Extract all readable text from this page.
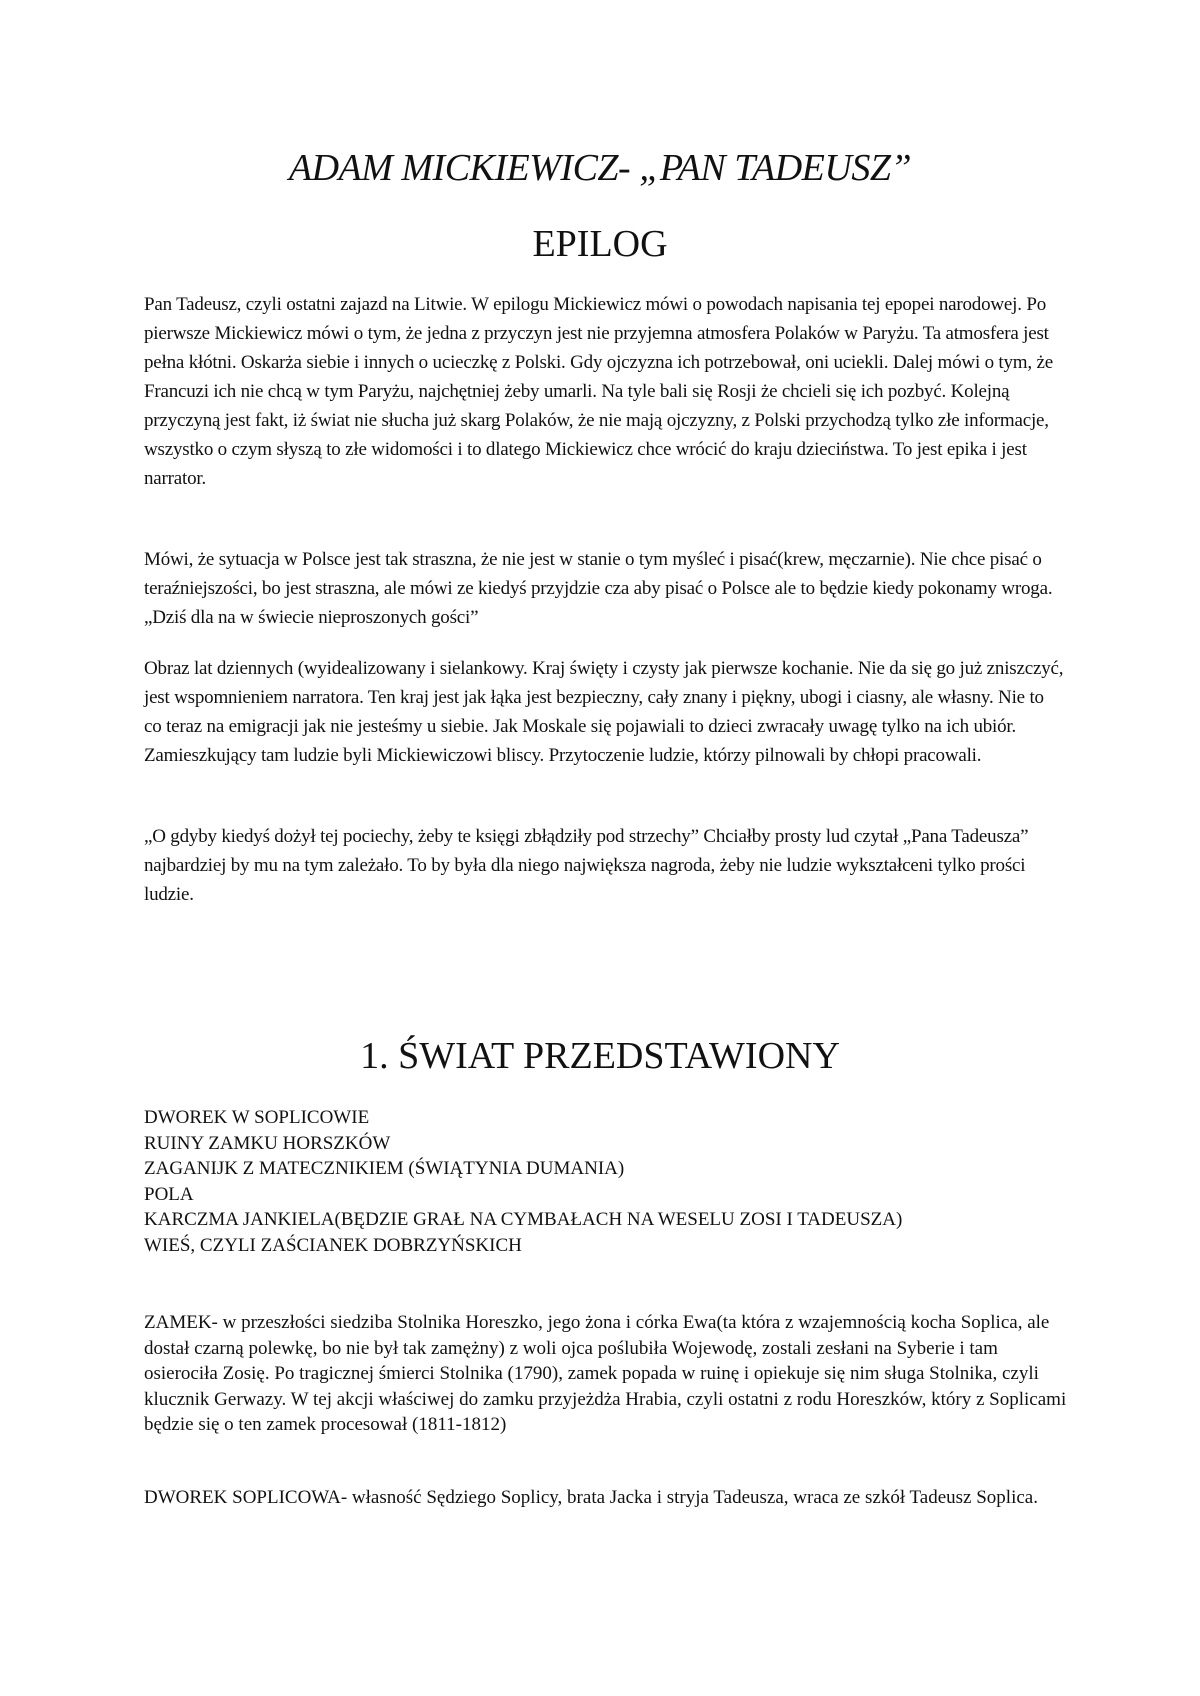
ADAM MICKIEWICZ- „PAN TADEUSZ”
EPILOG

Pan Tadeusz, czyli ostatni zajazd na Litwie. W epilogu Mickiewicz mówi o powodach napisania tej epopei narodowej. Po pierwsze Mickiewicz mówi o tym, że jedna z przyczyn jest nie przyjemna atmosfera Polaków w Paryżu. Ta atmosfera jest pełna kłótni. Oskarża siebie i innych o ucieczkę z Polski. Gdy ojczyzna ich potrzebował, oni uciekli. Dalej mówi o tym, że Francuzi ich nie chcą w tym Paryżu, najchętniej żeby umarli. Na tyle bali się Rosji że chcieli się ich pozbyć. Kolejną przyczyną jest fakt, iż świat nie słucha już skarg Polaków, że nie mają ojczyzny, z Polski przychodzą tylko złe informacje, wszystko o czym słyszą to złe widomości i to dlatego Mickiewicz chce wrócić do kraju dzieciństwa. To jest epika i jest narrator.

Mówi, że sytuacja w Polsce jest tak straszna, że nie jest w stanie o tym myśleć i pisać(krew, męczarnie). Nie chce pisać o teraźniejszości, bo jest straszna, ale mówi ze kiedyś przyjdzie cza aby pisać o Polsce ale to będzie kiedy pokonamy wroga. „Dziś dla na w świecie nieproszonych gości”

Obraz lat dziennych (wyidealizowany i sielankowy. Kraj święty i czysty jak pierwsze kochanie. Nie da się go już zniszczyć, jest wspomnieniem narratora. Ten kraj jest jak łąka jest bezpieczny, cały znany i piękny, ubogi i ciasny, ale własny. Nie to co teraz na emigracji jak nie jesteśmy u siebie. Jak Moskale się pojawiali to dzieci zwracały uwagę tylko na ich ubiór. Zamieszkujący tam ludzie byli Mickiewiczowi bliscy. Przytoczenie ludzie, którzy pilnowali by chłopi pracowali.

„O gdyby kiedyś dożył tej pociechy, żeby te księgi zbłądziły pod strzechy” Chciałby prosty lud czytał „Pana Tadeusza” najbardziej by mu na tym zależało. To by była dla niego największa nagroda, żeby nie ludzie wykształceni tylko prości ludzie.

1. ŚWIAT PRZEDSTAWIONY
DWOREK W SOPLICOWIE
RUINY ZAMKU HORSZKÓW
ZAGANIJK Z MATECZNIKIEM (ŚWIĄTYNIA DUMANIA)
POLA
KARCZMA JANKIELA(BĘDZIE GRAŁ NA CYMBAŁACH NA WESELU ZOSI I TADEUSZA)
WIEŚ, CZYLI ZAŚCIANEK DOBRZYŃSKICH

ZAMEK- w przeszłości siedziba Stolnika Horeszko, jego żona i córka Ewa(ta która z wzajemnością kocha Soplica, ale dostał czarną polewkę, bo nie był tak zamężny) z woli ojca poślubiła Wojewodę, zostali zesłani na Syberie i tam osierociła Zosię. Po tragicznej śmierci Stolnika (1790), zamek popada w ruinę i opiekuje się nim sługa Stolnika, czyli klucznik Gerwazy. W tej akcji właściwej do zamku przyjeżdża Hrabia, czyli ostatni z rodu Horeszków, który z Soplicami będzie się o ten zamek procesował (1811-1812)

DWOREK SOPLICOWA- własność Sędziego Soplicy, brata Jacka i stryja Tadeusza, wraca ze szkół Tadeusz Soplica.
